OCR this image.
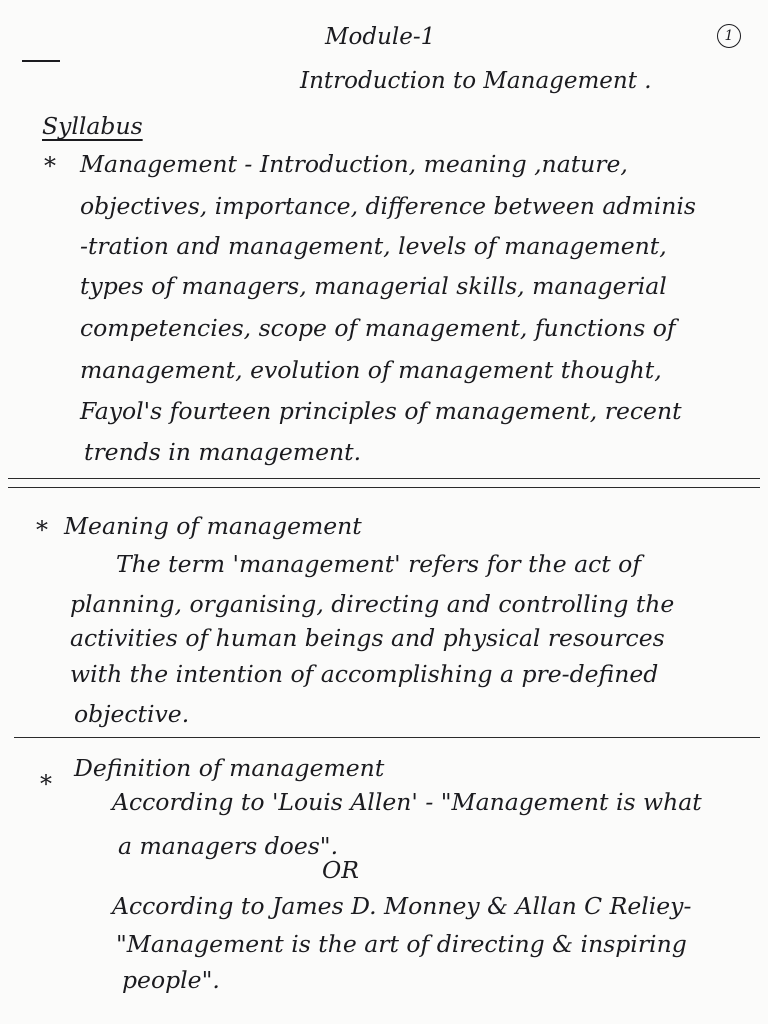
Module-1	1
Introduction to Management .
Syllabus
* Management - Introduction, meaning ,nature,
objectives, importance, difference between adminis
-tration and management, levels of management,
types of managers, managerial skills, managerial
competencies, scope of management, functions of
management, evolution of management thought,
Fayol's fourteen principles of management, recent
trends in management.
* Meaning of management
The term 'management' refers for the act of
planning, organising, directing and controlling the
activities of human beings and physical resources
with the intention of accomplishing a pre-defined
objective.
*
Definition of management
According to 'Louis Allen' - "Management is what
a managers does".
OR
According to James D. Monney & Allan C Reliey-
"Management is the art of directing & inspiring
people".
